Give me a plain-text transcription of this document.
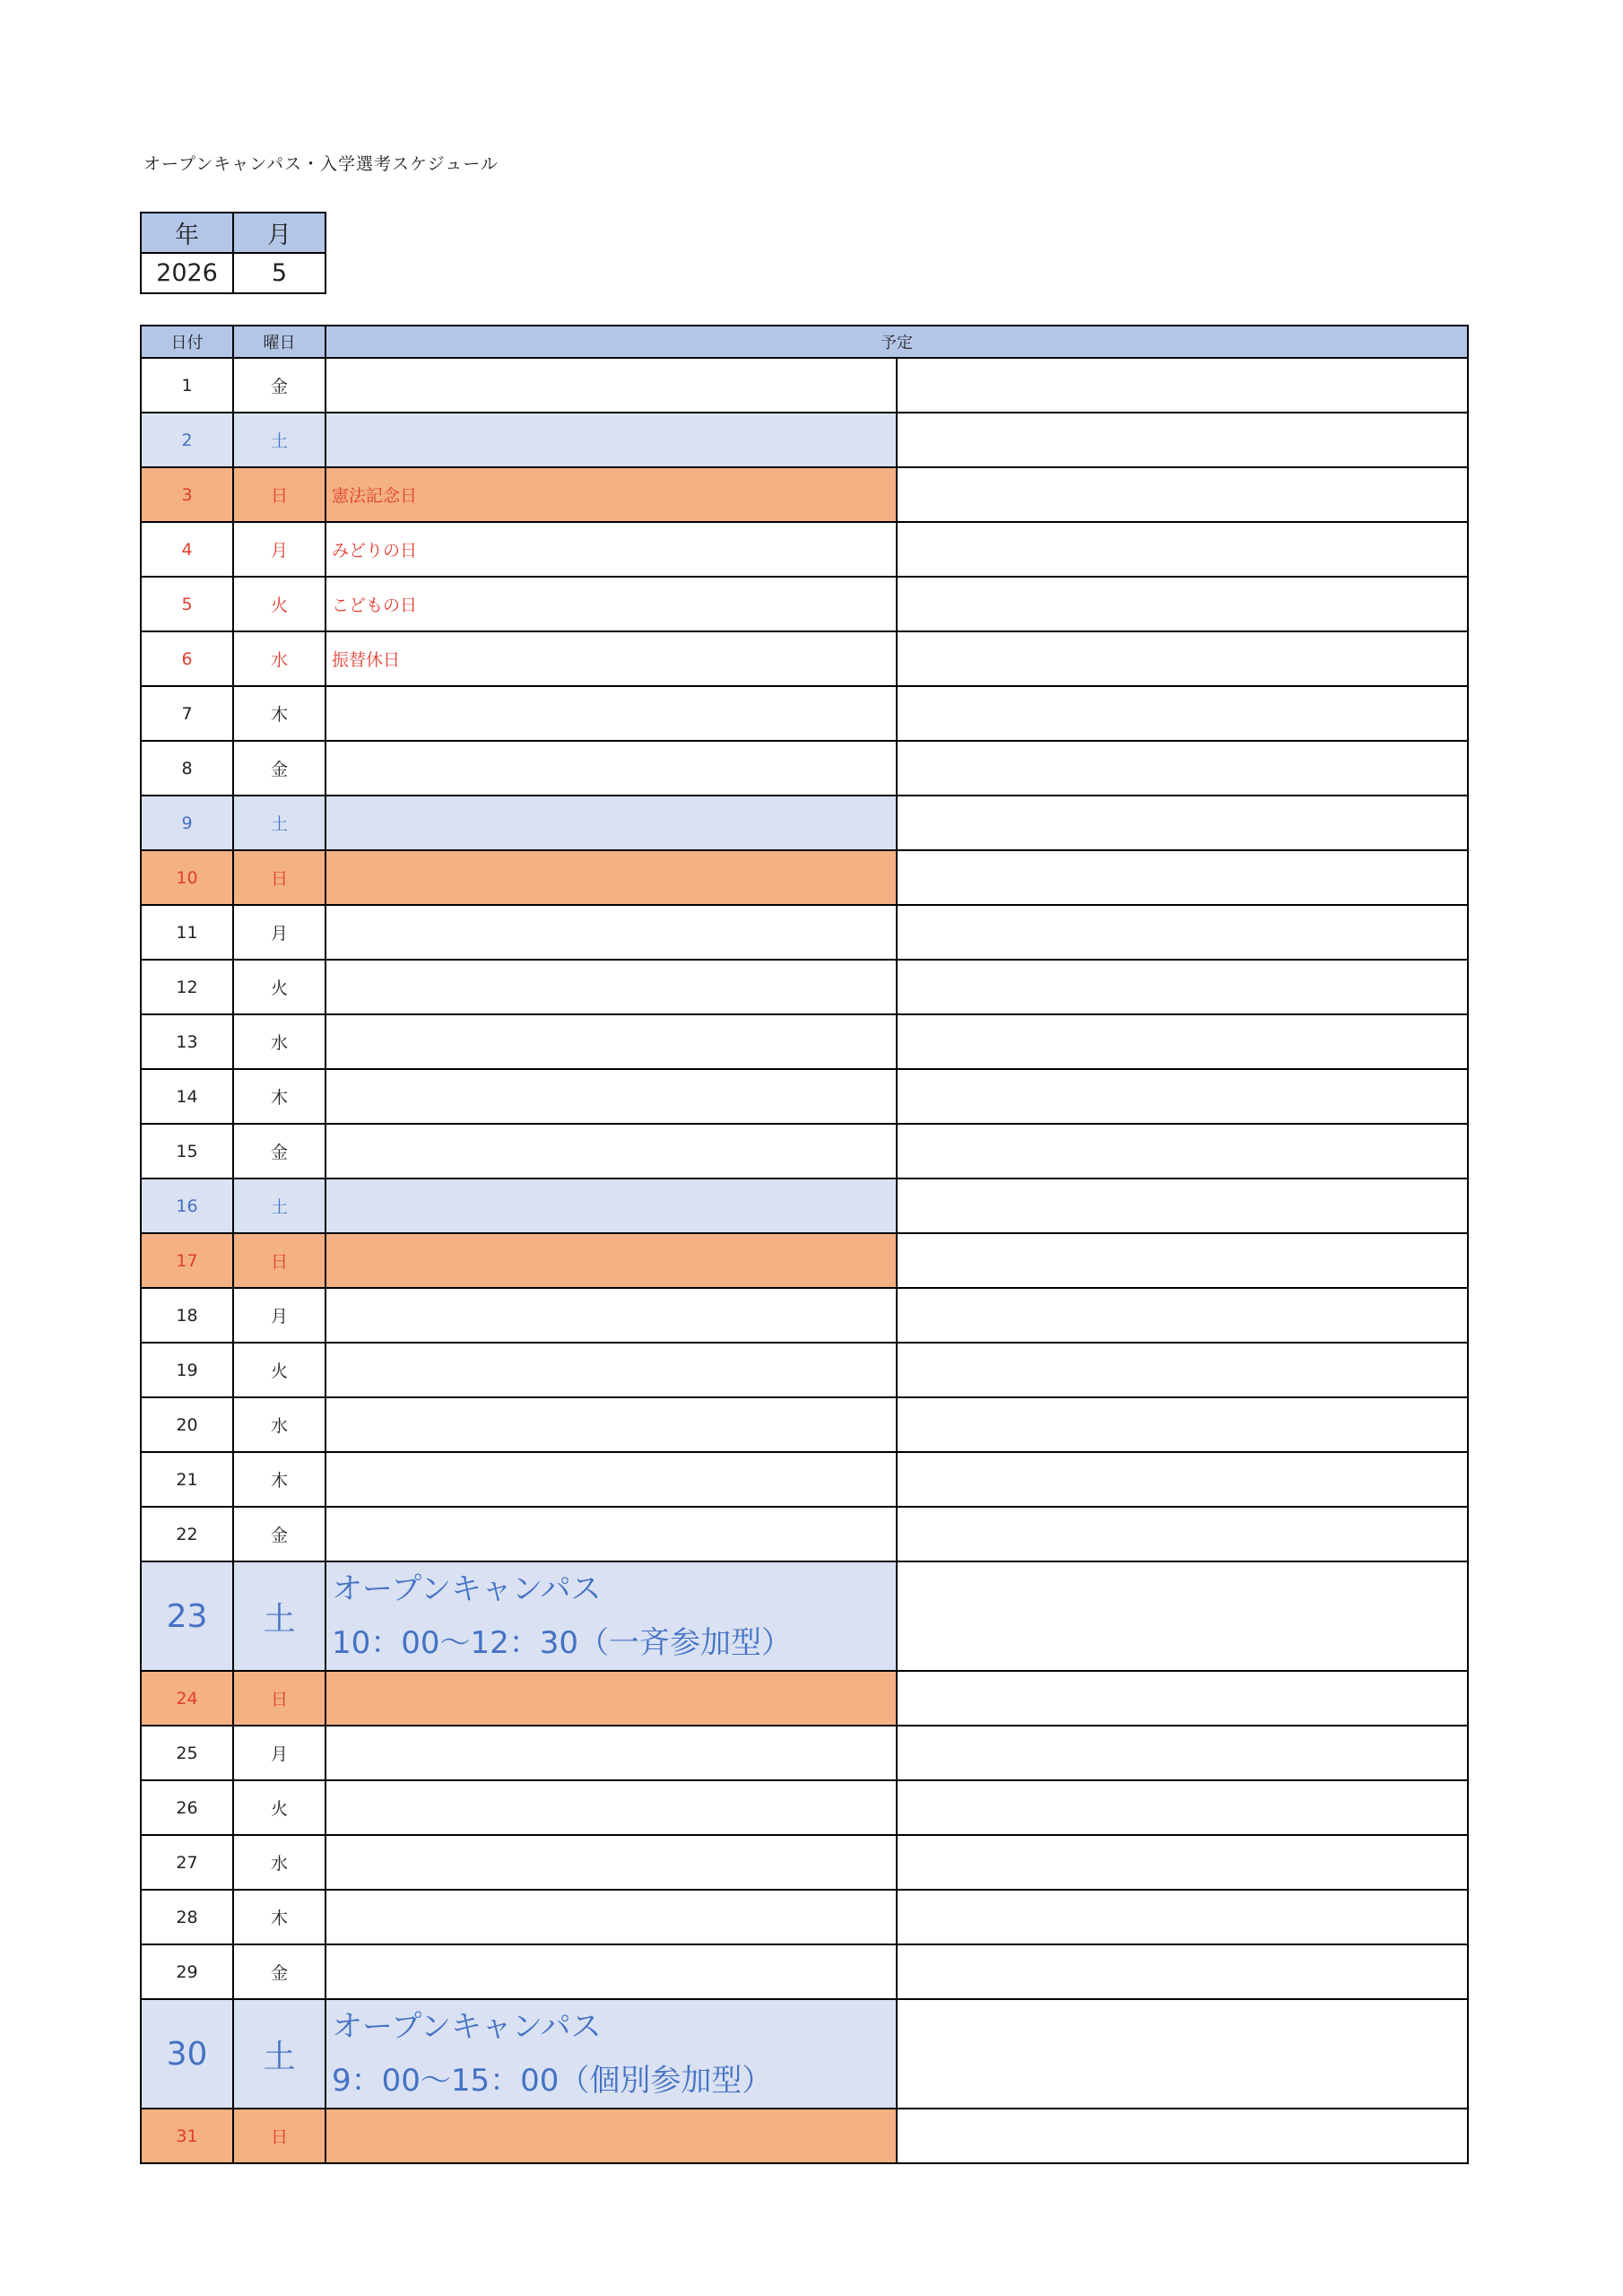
オープンキャンパス・入学選考スケジュール
年	月
2026	5
日付	曜日	予定	
1	金		
2	土		
3	日	憲法記念日	
4	月	みどりの日	
5	火	こどもの日	
6	水	振替休日	
7	木		
8	金		
9	土		
10	日		
11	月		
12	火		
13	水		
14	木		
15	金		
16	土		
17	日		
18	月		
19	火		
20	水		
21	木		
22	金		
23	土	オープンキャンパス
10：00～12：30（一斉参加型）	

24	日		
25	月		
26	火		
27	水		
28	木		
29	金		
30	土	オープンキャンパス
9：00～15：00（個別参加型）	

31	日		
